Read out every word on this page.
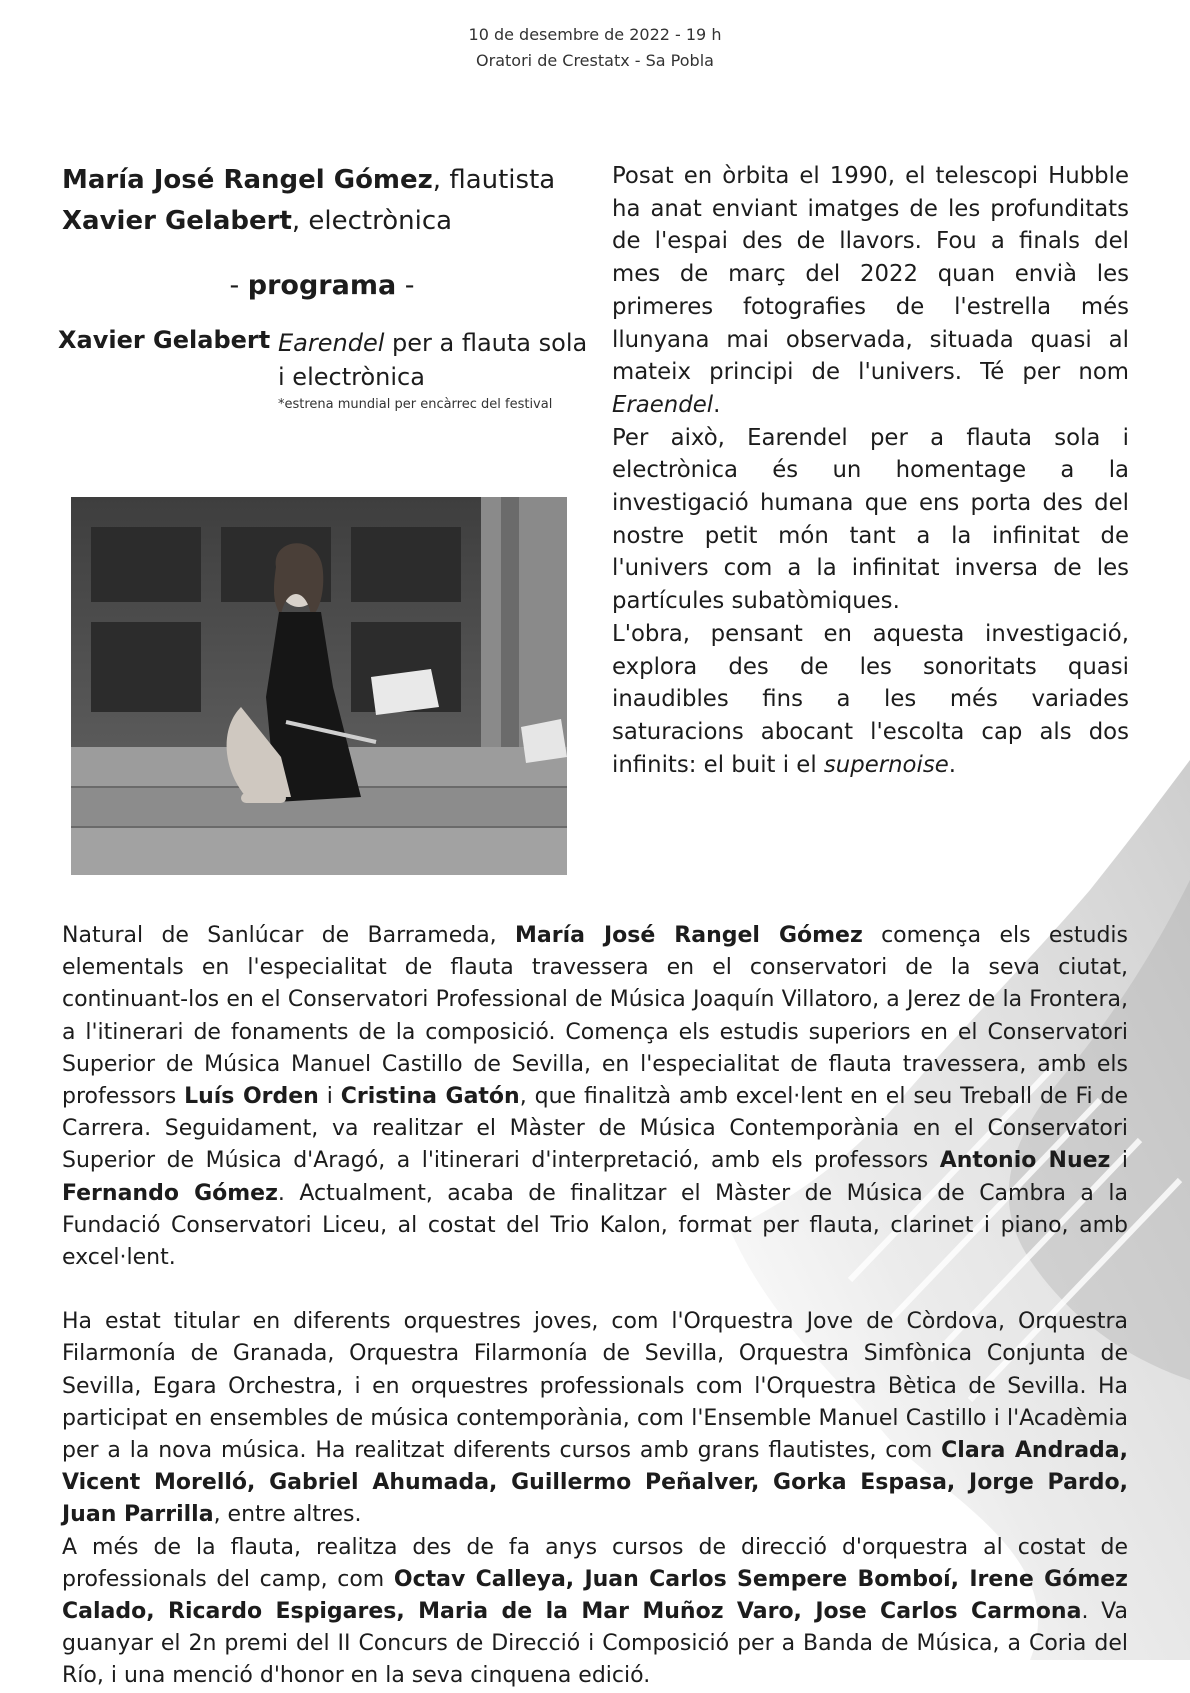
10 de desembre de 2022 - 19 h
Oratori de Crestatx - Sa Pobla
María José Rangel Gómez, flautista
Xavier Gelabert, electrònica
- programa -
Xavier Gelabert Earendel per a flauta sola i electrònica
*estrena mundial per encàrrec del festival
Posat en òrbita el 1990, el telescopi Hubble ha anat enviant imatges de les profunditats de l'espai des de llavors. Fou a finals del mes de març del 2022 quan envià les primeres fotografies de l'estrella més llunyana mai observada, situada quasi al mateix principi de l'univers. Té per nom Eraendel.
Per això, Earendel per a flauta sola i electrònica és un homentage a la investigació humana que ens porta des del nostre petit món tant a la infinitat de l'univers com a la infinitat inversa de les partícules subatòmiques.
L'obra, pensant en aquesta investigació, explora des de les sonoritats quasi inaudibles fins a les més variades saturacions abocant l'escolta cap als dos infinits: el buit i el supernoise.

Natural de Sanlúcar de Barrameda, María José Rangel Gómez comença els estudis elementals en l'especialitat de flauta travessera en el conservatori de la seva ciutat, continuant-los en el Conservatori Professional de Música Joaquín Villatoro, a Jerez de la Frontera, a l'itinerari de fonaments de la composició. Comença els estudis superiors en el Conservatori Superior de Música Manuel Castillo de Sevilla, en l'especialitat de flauta travessera, amb els professors Luís Orden i Cristina Gatón, que finalitzà amb excel·lent en el seu Treball de Fi de Carrera. Seguidament, va realitzar el Màster de Música Contemporània en el Conservatori Superior de Música d'Aragó, a l'itinerari d'interpretació, amb els professors Antonio Nuez i Fernando Gómez. Actualment, acaba de finalitzar el Màster de Música de Cambra a la Fundació Conservatori Liceu, al costat del Trio Kalon, format per flauta, clarinet i piano, amb excel·lent.

Ha estat titular en diferents orquestres joves, com l'Orquestra Jove de Còrdova, Orquestra Filarmonía de Granada, Orquestra Filarmonía de Sevilla, Orquestra Simfònica Conjunta de Sevilla, Egara Orchestra, i en orquestres professionals com l'Orquestra Bètica de Sevilla. Ha participat en ensembles de música contemporània, com l'Ensemble Manuel Castillo i l'Acadèmia per a la nova música. Ha realitzat diferents cursos amb grans flautistes, com Clara Andrada, Vicent Morelló, Gabriel Ahumada, Guillermo Peñalver, Gorka Espasa, Jorge Pardo, Juan Parrilla, entre altres.

A més de la flauta, realitza des de fa anys cursos de direcció d'orquestra al costat de professionals del camp, com Octav Calleya, Juan Carlos Sempere Bomboí, Irene Gómez Calado, Ricardo Espigares, Maria de la Mar Muñoz Varo, Jose Carlos Carmona. Va guanyar el 2n premi del II Concurs de Direcció i Composició per a Banda de Música, a Coria del Río, i una menció d'honor en la seva cinquena edició.
